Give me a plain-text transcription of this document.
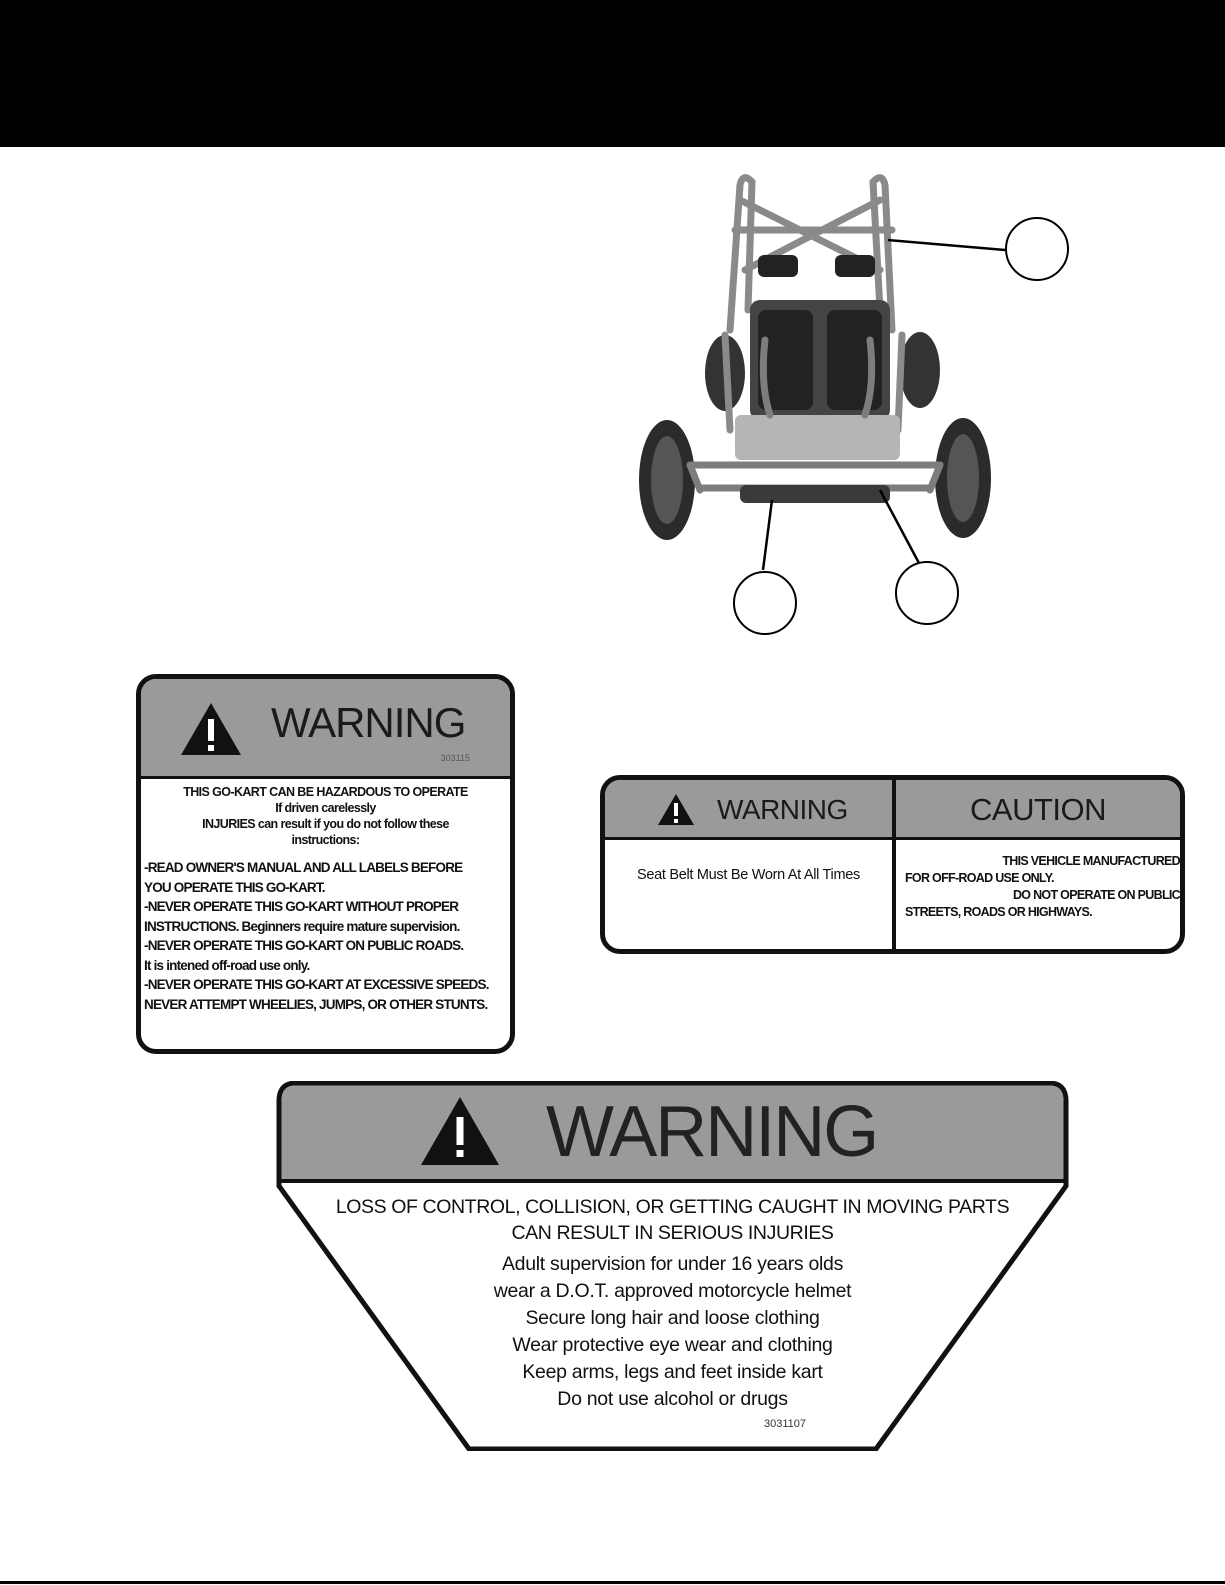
WARNING
303115
THIS GO-KART CAN BE HAZARDOUS TO OPERATE
If driven carelessly
INJURIES can result if you do not follow these
instructions:
-READ OWNER'S MANUAL AND ALL LABELS BEFORE
YOU OPERATE THIS GO-KART.
-NEVER OPERATE THIS GO-KART WITHOUT PROPER
INSTRUCTIONS. Beginners require mature supervision.
-NEVER OPERATE THIS GO-KART ON PUBLIC ROADS.
It is intened off-road use only.
-NEVER OPERATE THIS GO-KART AT EXCESSIVE SPEEDS.
NEVER ATTEMPT WHEELIES, JUMPS, OR OTHER STUNTS.
WARNING	CAUTION
Seat Belt Must Be Worn At All Times
THIS VEHICLE MANUFACTURED
FOR OFF-ROAD USE ONLY.
DO NOT OPERATE ON PUBLIC
STREETS, ROADS OR HIGHWAYS.
WARNING
LOSS OF CONTROL, COLLISION, OR GETTING CAUGHT IN MOVING PARTS
CAN RESULT IN SERIOUS INJURIES
Adult supervision for under 16 years olds
wear a D.O.T. approved motorcycle helmet
Secure long hair and loose clothing
Wear protective eye wear and clothing
Keep arms, legs and feet inside kart
Do not use alcohol or drugs
3031107
